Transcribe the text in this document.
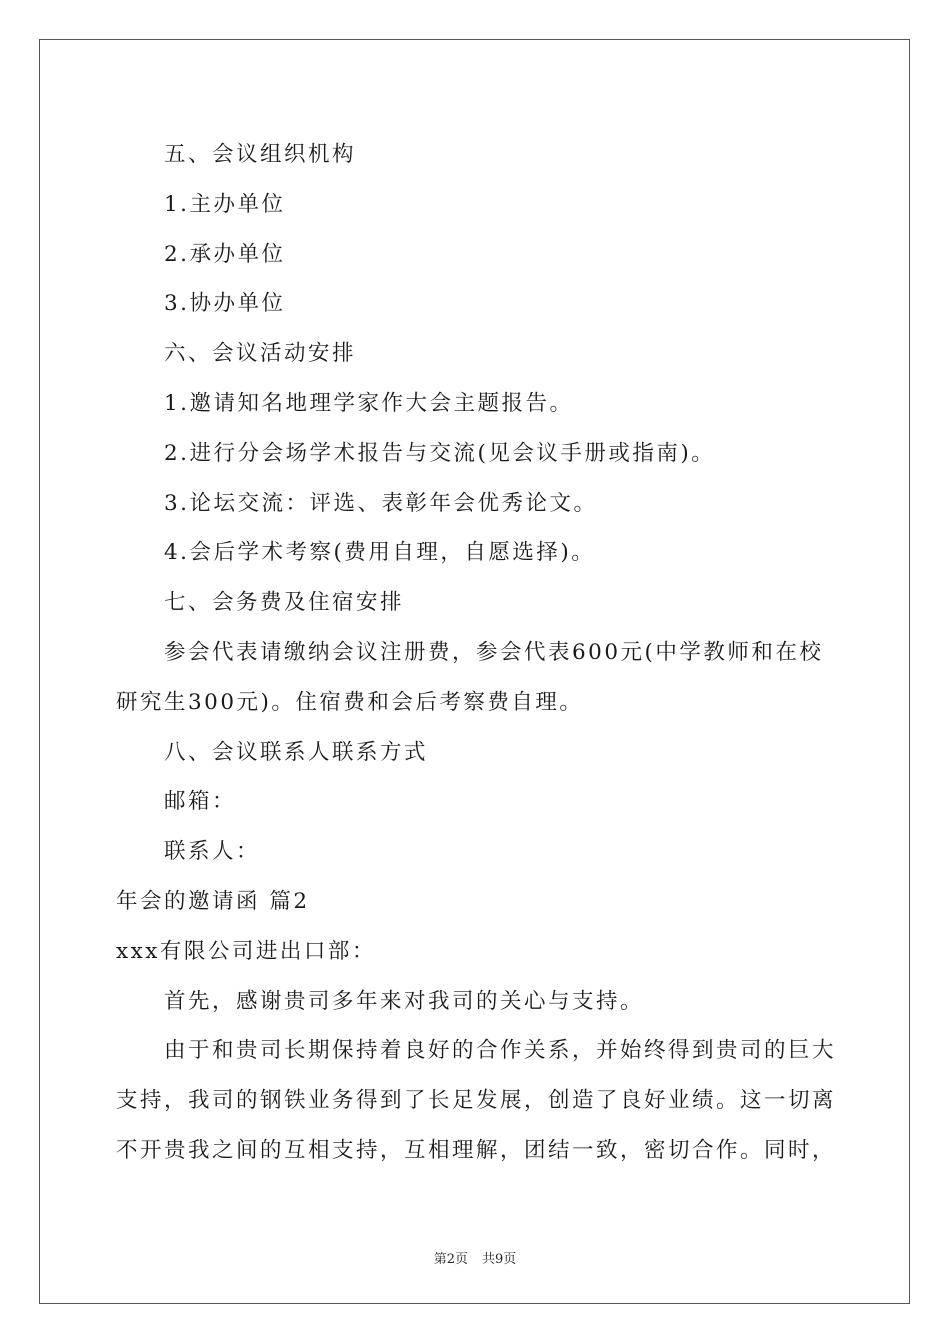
五、会议组织机构
1.主办单位
2.承办单位
3.协办单位
六、会议活动安排
1.邀请知名地理学家作大会主题报告。
2.进行分会场学术报告与交流(见会议手册或指南)。
3.论坛交流：评选、表彰年会优秀论文。
4.会后学术考察(费用自理，自愿选择)。
七、会务费及住宿安排
参会代表请缴纳会议注册费，参会代表600元(中学教师和在校
研究生300元)。住宿费和会后考察费自理。
八、会议联系人联系方式
邮箱：
联系人：
年会的邀请函 篇2
xxx有限公司进出口部：
首先，感谢贵司多年来对我司的关心与支持。
由于和贵司长期保持着良好的合作关系，并始终得到贵司的巨大
支持，我司的钢铁业务得到了长足发展，创造了良好业绩。这一切离
不开贵我之间的互相支持，互相理解，团结一致，密切合作。同时，
第2页 共9页
